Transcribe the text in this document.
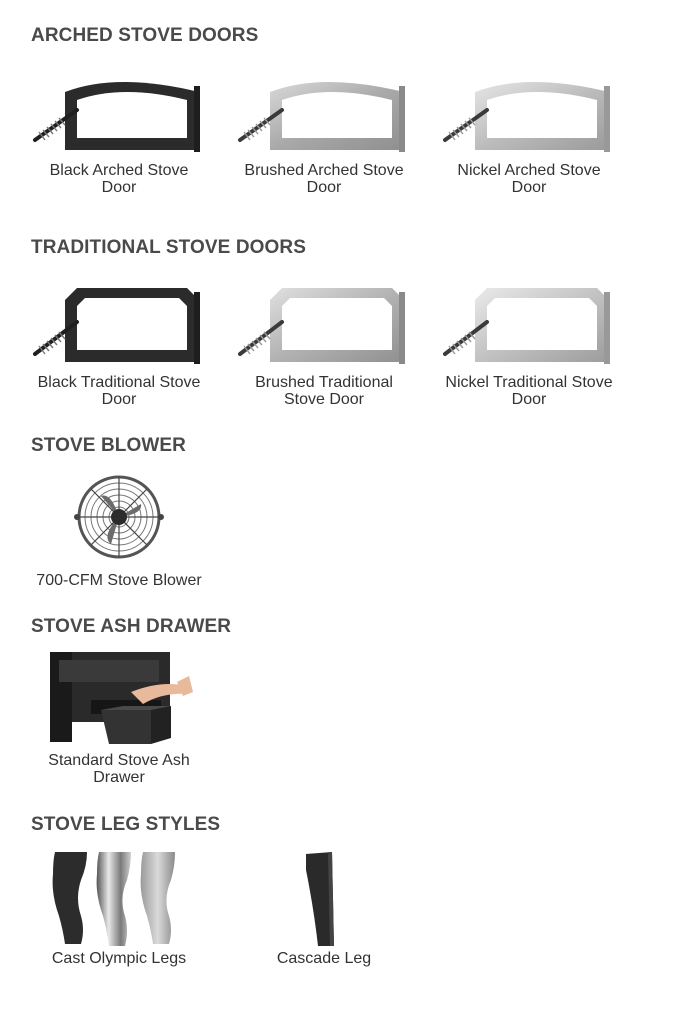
ARCHED STOVE DOORS
Black Arched Stove Door
Brushed Arched Stove Door
Nickel Arched Stove Door
TRADITIONAL STOVE DOORS
Black Traditional Stove Door
Brushed Traditional Stove Door
Nickel Traditional Stove Door
STOVE BLOWER
700-CFM Stove Blower
STOVE ASH DRAWER
Standard Stove Ash Drawer
STOVE LEG STYLES
Cast Olympic Legs	Cascade Leg
